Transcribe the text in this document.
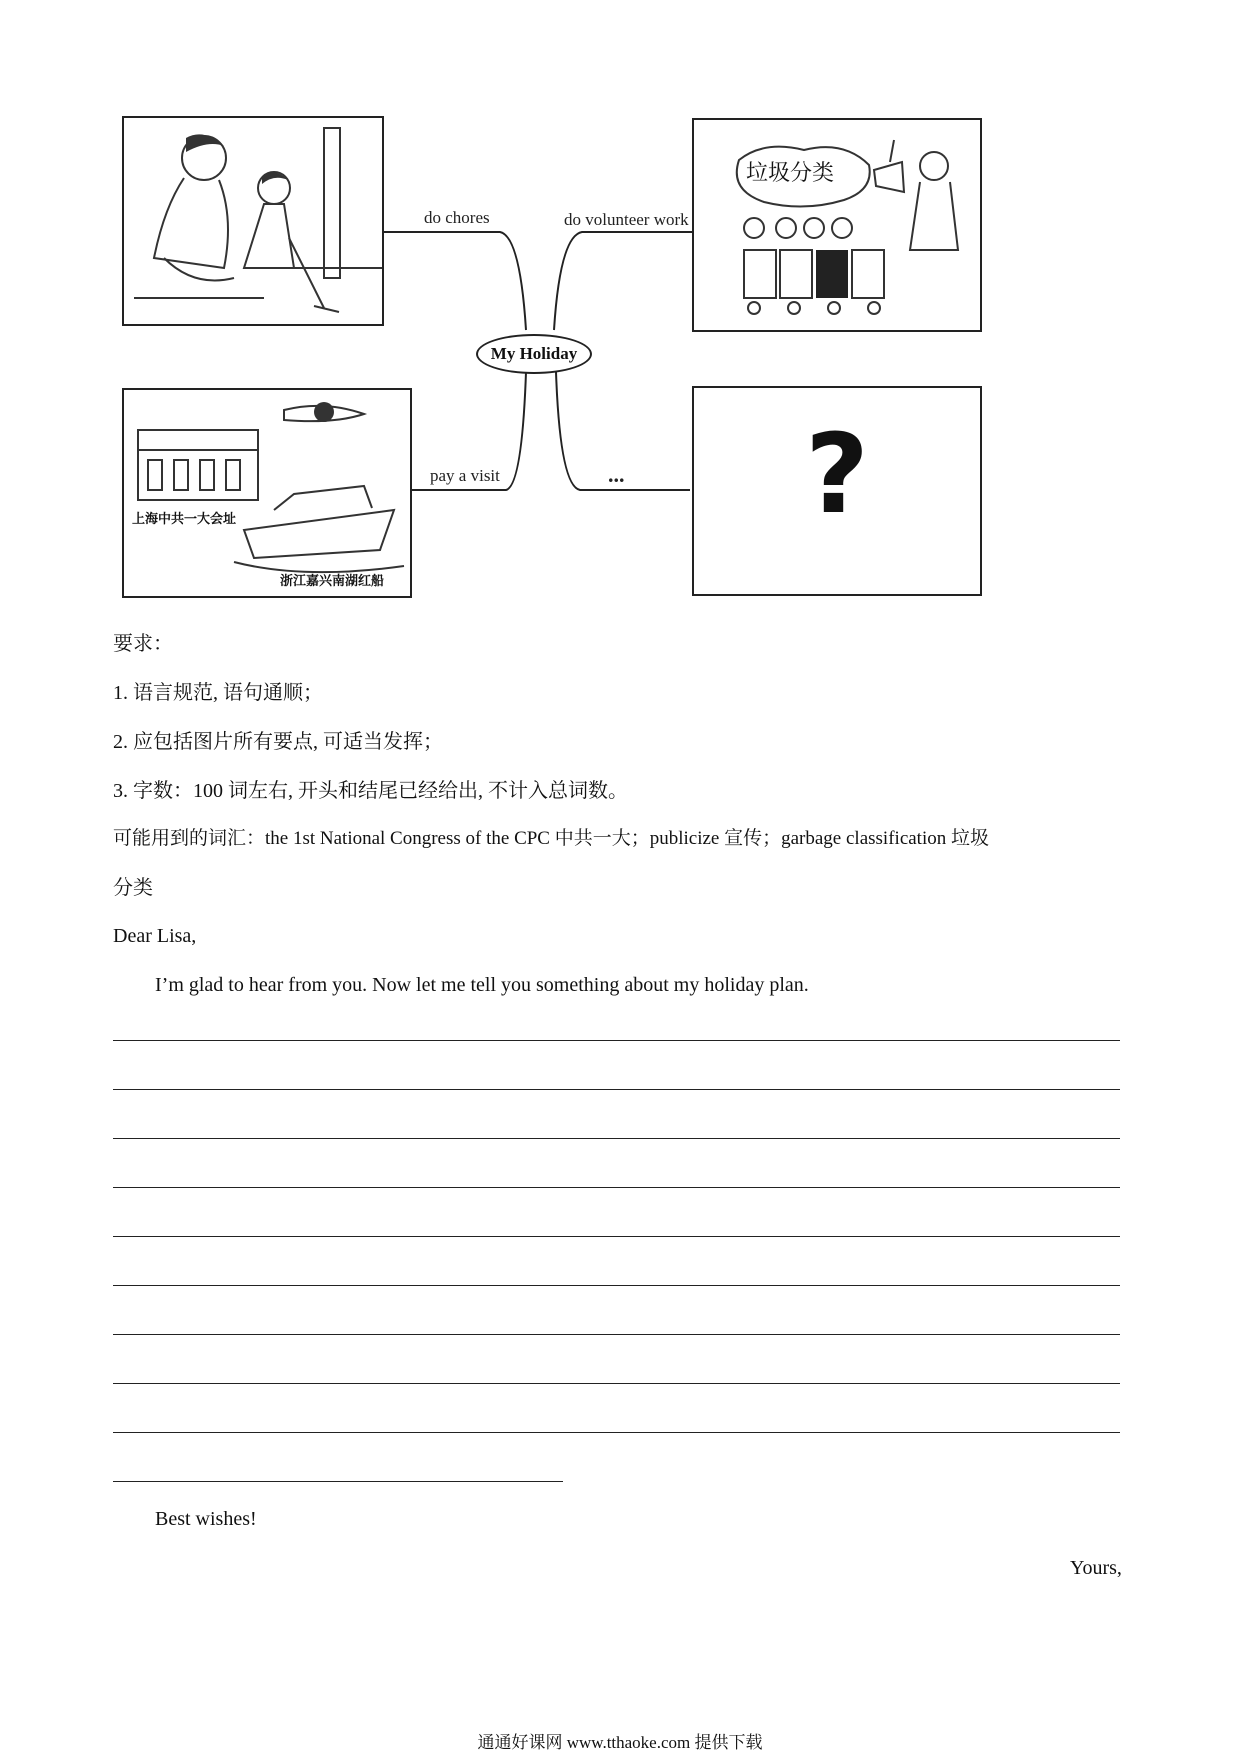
My Holiday
do chores	do volunteer work
pay a visit	...
垃圾分类
上海中共一大会址
浙江嘉兴南湖红船
?
要求：
1. 语言规范, 语句通顺；
2. 应包括图片所有要点, 可适当发挥；
3. 字数：100 词左右, 开头和结尾已经给出, 不计入总词数。
可能用到的词汇：the 1st National Congress of the CPC 中共一大；publicize 宣传；garbage classification 垃圾
分类
Dear Lisa,
I’m glad to hear from you. Now let me tell you something about my holiday plan.
Best wishes!
Yours,
通通好课网 www.tthaoke.com 提供下载
